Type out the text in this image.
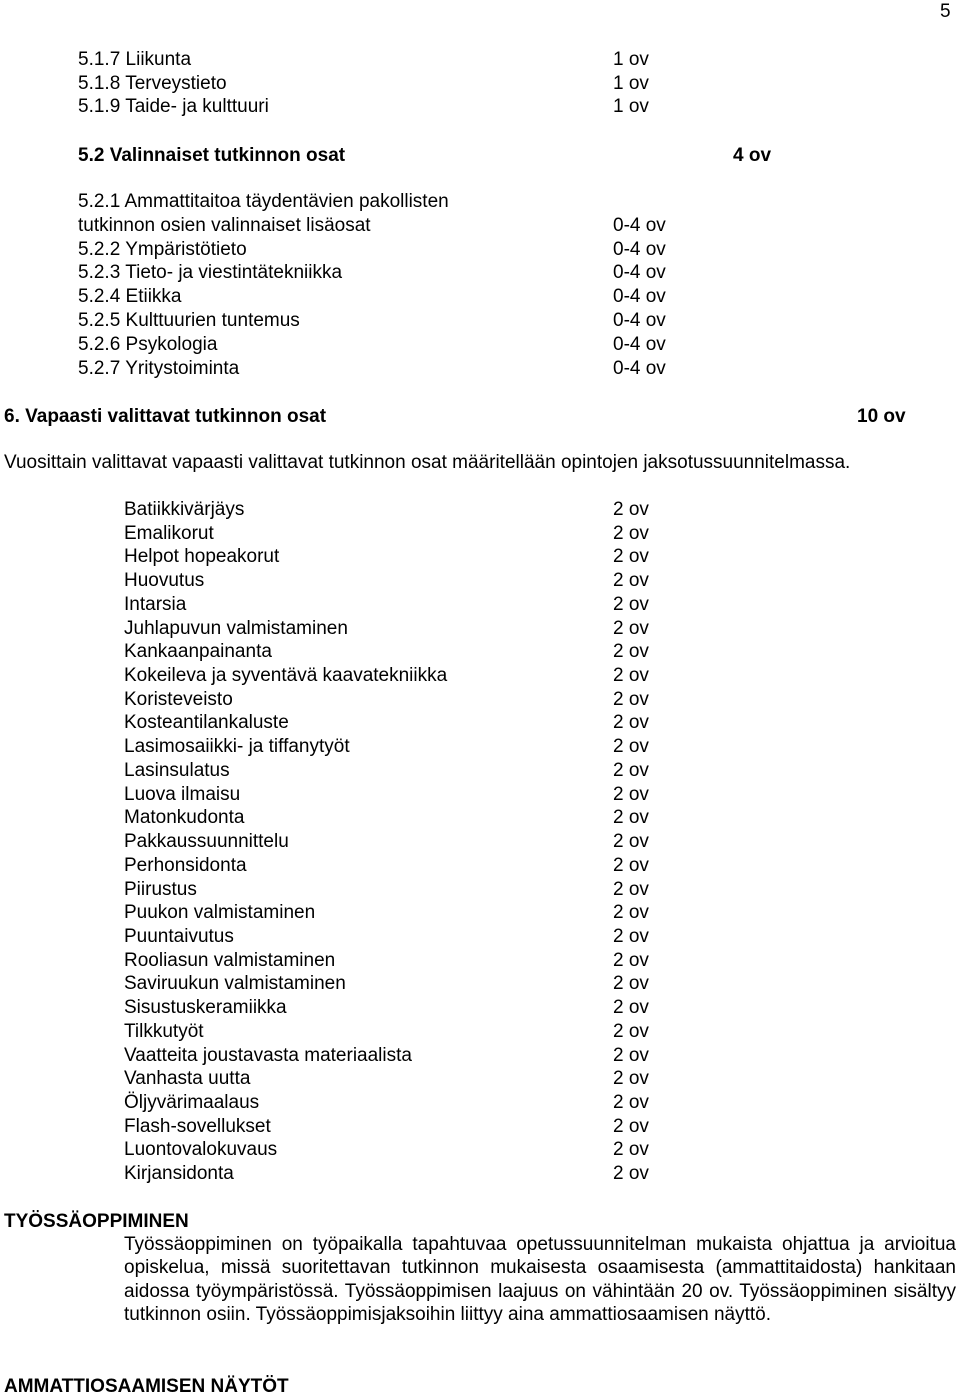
5
5.1.7 Liikunta	1 ov
5.1.8 Terveystieto	1 ov
5.1.9 Taide- ja kulttuuri	1 ov
5.2 Valinnaiset tutkinnon osat	4 ov
5.2.1 Ammattitaitoa täydentävien pakollisten
tutkinnon osien valinnaiset lisäosat	0-4 ov
5.2.2 Ympäristötieto	0-4 ov
5.2.3 Tieto- ja viestintätekniikka	0-4 ov
5.2.4 Etiikka	0-4 ov
5.2.5 Kulttuurien tuntemus	0-4 ov
5.2.6 Psykologia	0-4 ov
5.2.7 Yritystoiminta	0-4 ov
6. Vapaasti valittavat tutkinnon osat	10 ov
Vuosittain valittavat vapaasti valittavat tutkinnon osat määritellään opintojen jaksotussuunnitelmassa.
Batiikkivärjäys	2 ov
Emalikorut	2 ov
Helpot hopeakorut	2 ov
Huovutus	2 ov
Intarsia	2 ov
Juhlapuvun valmistaminen	2 ov
Kankaanpainanta	2 ov
Kokeileva ja syventävä kaavatekniikka	2 ov
Koristeveisto	2 ov
Kosteantilankaluste	2 ov
Lasimosaiikki- ja tiffanytyöt	2 ov
Lasinsulatus	2 ov
Luova ilmaisu	2 ov
Matonkudonta	2 ov
Pakkaussuunnittelu	2 ov
Perhonsidonta	2 ov
Piirustus	2 ov
Puukon valmistaminen	2 ov
Puuntaivutus	2 ov
Rooliasun valmistaminen	2 ov
Saviruukun valmistaminen	2 ov
Sisustuskeramiikka	2 ov
Tilkkutyöt	2 ov
Vaatteita joustavasta materiaalista	2 ov
Vanhasta uutta	2 ov
Öljyvärimaalaus	2 ov
Flash-sovellukset	2 ov
Luontovalokuvaus	2 ov
Kirjansidonta	2 ov
TYÖSSÄOPPIMINEN
Työssäoppiminen on työpaikalla tapahtuvaa opetussuunnitelman mukaista ohjattua ja arvioitua opiskelua, missä suoritettavan tutkinnon mukaisesta osaamisesta (ammattitaidosta) hankitaan aidossa työympäristössä. Työssäoppimisen laajuus on vähintään 20 ov. Työssäoppiminen sisältyy tutkinnon osiin. Työssäoppimisjaksoihin liittyy aina ammattiosaamisen näyttö.
AMMATTIOSAAMISEN NÄYTÖT
